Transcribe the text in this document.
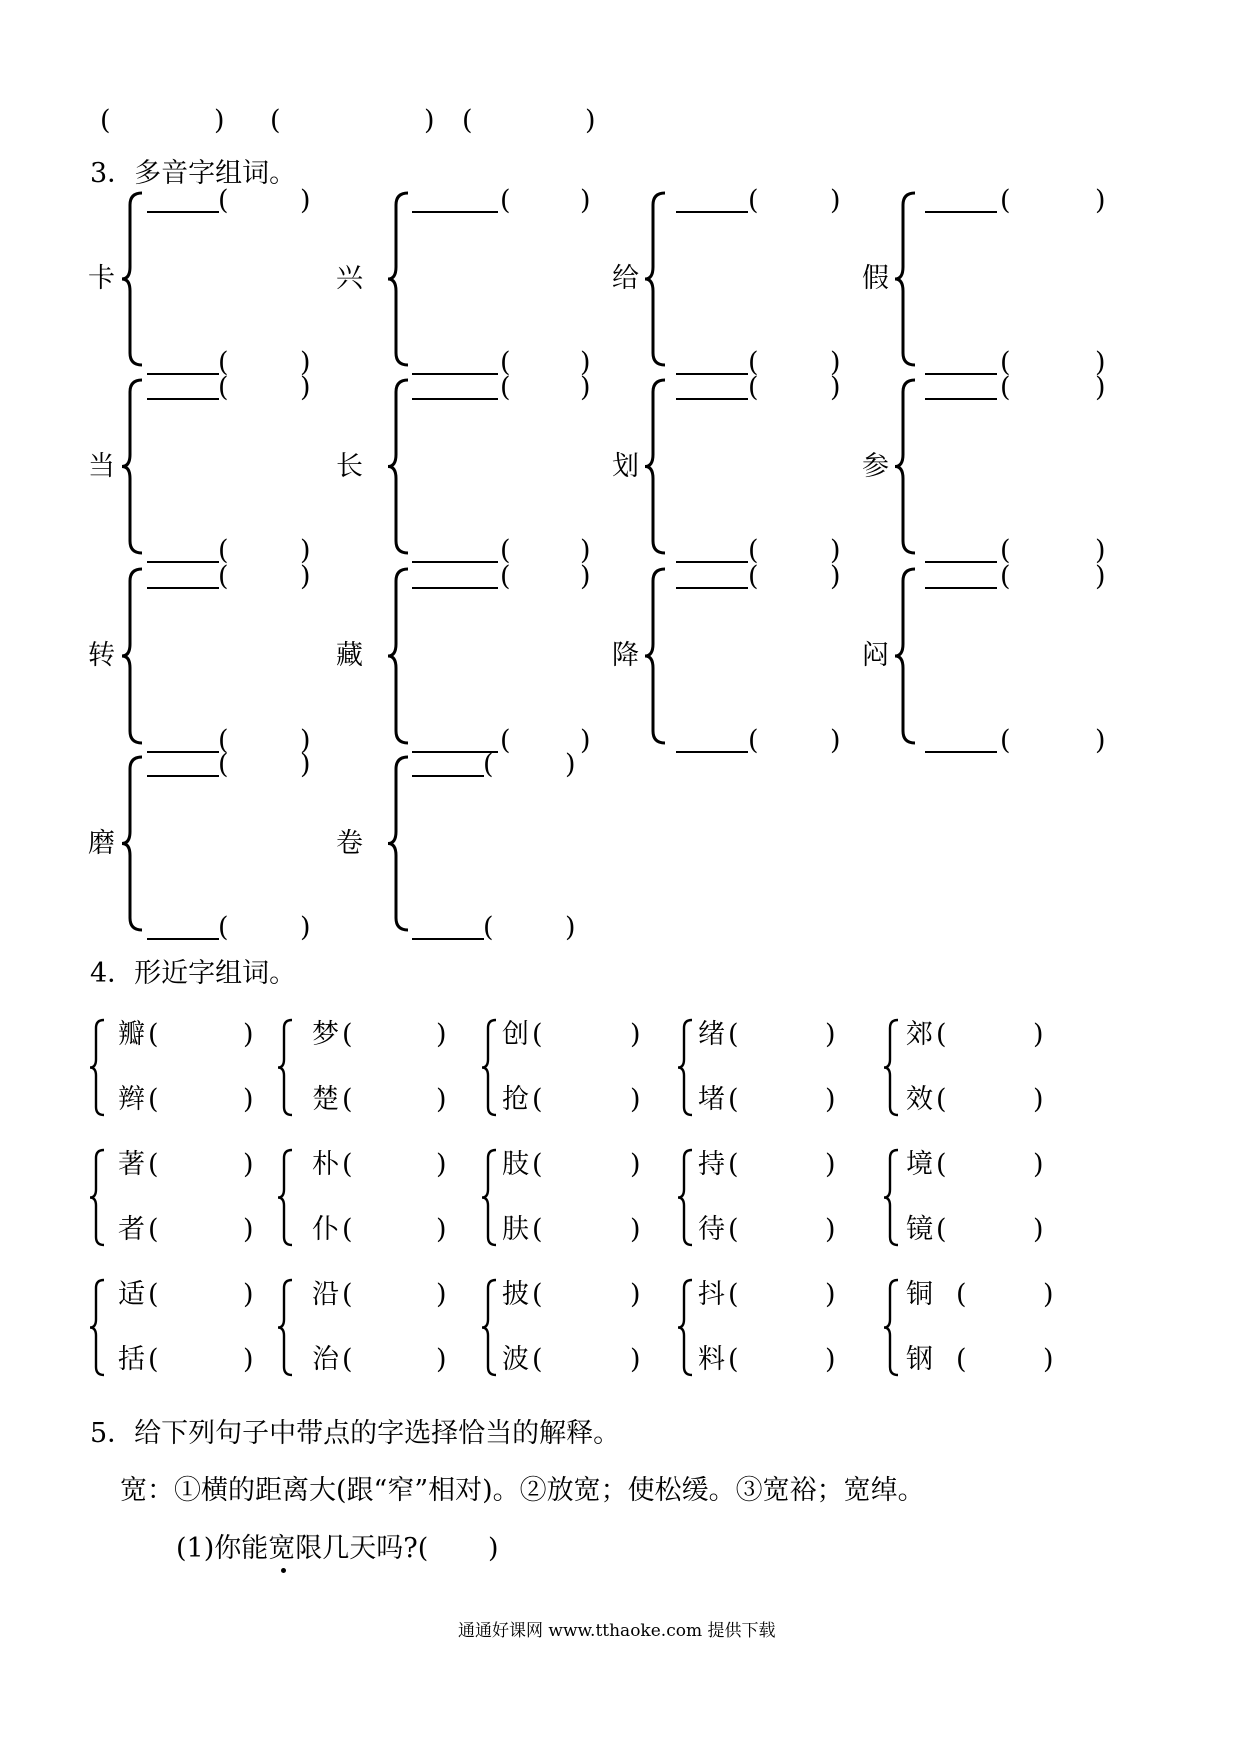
(	) (	) (	)
3．多音字组词。
卡
(	)
(	)
兴
(	)
(	)
给
(	)
(	)
假
(	)
(	)
当
(	)
(	)
长
(	)
(	)
划
(	)
(	)
参
(	)
(	)
转
(	)
(	)
藏
(	)
(	)
降
(	)
(	)
闷
(	)
(	)
磨
(	)
(	)
卷
(	)
(	)
4．形近字组词。
瓣 (	)
辫 (	)
梦 (	)
楚 (	)
创 (	)
抢 (	)
绪 (	)
堵 (	)
郊 (	)
效 (	)
著 (	)
者 (	)
朴 (	)
仆 (	)
肢 (	)
肤 (	)
持 (	)
待 (	)
境 (	)
镜 (	)
适 (	)
括 (	)
沿 (	)
治 (	)
披 (	)
波 (	)
抖 (	)
料 (	)
铜 (	)
钢 (	)
5．给下列句子中带点的字选择恰当的解释。
宽：①横的距离大(跟“窄”相对)。②放宽；使松缓。③宽裕；宽绰。
(1)你能宽限几天吗?( )
通通好课网 www.tthaoke.com 提供下载
